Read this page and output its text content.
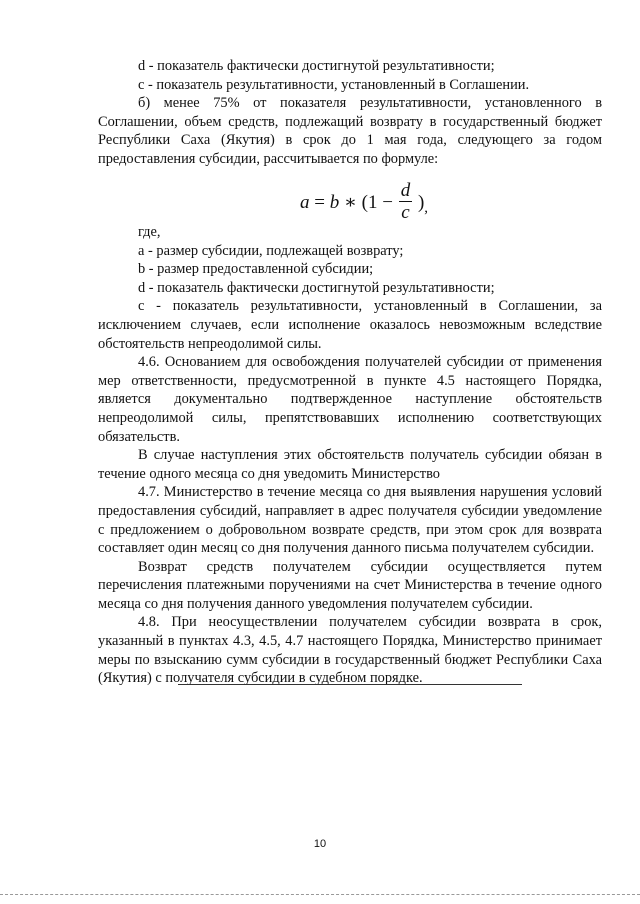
d - показатель фактически достигнутой результативности;

c - показатель результативности, установленный в Соглашении.

б) менее 75% от показателя результативности, установленного в Соглашении, объем средств, подлежащий возврату в государственный бюджет Республики Саха (Якутия) в срок до 1 мая года, следующего за годом предоставления субсидии, рассчитывается по формуле:

a = b ∗ $(1 - \frac{d}{c} )_,$

где,

a - размер субсидии, подлежащей возврату;

b - размер предоставленной субсидии;

d - показатель фактически достигнутой результативности;

c - показатель результативности, установленный в Соглашении, за исключением случаев, если исполнение оказалось невозможным вследствие обстоятельств непреодолимой силы.

4.6. Основанием для освобождения получателей субсидии от применения мер ответственности, предусмотренной в пункте 4.5 настоящего Порядка, является документально подтвержденное наступление обстоятельств непреодолимой силы, препятствовавших исполнению соответствующих обязательств.

В случае наступления этих обстоятельств получатель субсидии обязан в течение одного месяца со дня уведомить Министерство

4.7. Министерство в течение месяца со дня выявления нарушения условий предоставления субсидий, направляет в адрес получателя субсидии уведомление с предложением о добровольном возврате средств, при этом срок для возврата составляет один месяц со дня получения данного письма получателем субсидии.

Возврат средств получателем субсидии осуществляется путем перечисления платежными поручениями на счет Министерства в течение одного месяца со дня получения данного уведомления получателем субсидии.

4.8. При неосуществлении получателем субсидии возврата в срок, указанный в пунктах 4.3, 4.5, 4.7 настоящего Порядка, Министерство принимает меры по взысканию сумм субсидии в государственный бюджет Республики Саха (Якутия) с получателя субсидии в судебном порядке.

10
